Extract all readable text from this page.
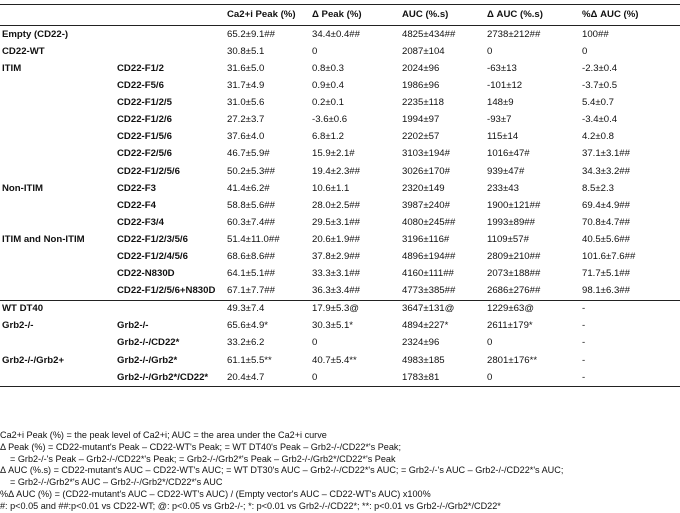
		Ca2+i Peak (%)	Δ Peak (%)	AUC (%.s)	Δ AUC (%.s)	%Δ AUC (%)
Empty (CD22-)		65.2±9.1##	34.4±0.4##	4825±434##	2738±212##	100##
CD22-WT		30.8±5.1	0	2087±104	0	0
ITIM	CD22-F1/2	31.6±5.0	0.8±0.3	2024±96	-63±13	-2.3±0.4
	CD22-F5/6	31.7±4.9	0.9±0.4	1986±96	-101±12	-3.7±0.5
	CD22-F1/2/5	31.0±5.6	0.2±0.1	2235±118	148±9	5.4±0.7
	CD22-F1/2/6	27.2±3.7	-3.6±0.6	1994±97	-93±7	-3.4±0.4
	CD22-F1/5/6	37.6±4.0	6.8±1.2	2202±57	115±14	4.2±0.8
	CD22-F2/5/6	46.7±5.9#	15.9±2.1#	3103±194#	1016±47#	37.1±3.1##
	CD22-F1/2/5/6	50.2±5.3##	19.4±2.3##	3026±170#	939±47#	34.3±3.2##
Non-ITIM	CD22-F3	41.4±6.2#	10.6±1.1	2320±149	233±43	8.5±2.3
	CD22-F4	58.8±5.6##	28.0±2.5##	3987±240#	1900±121##	69.4±4.9##
	CD22-F3/4	60.3±7.4##	29.5±3.1##	4080±245##	1993±89##	70.8±4.7##
ITIM and Non-ITIM	CD22-F1/2/3/5/6	51.4±11.0##	20.6±1.9##	3196±116#	1109±57#	40.5±5.6##
	CD22-F1/2/4/5/6	68.6±8.6##	37.8±2.9##	4896±194##	2809±210##	101.6±7.6##
	CD22-N830D	64.1±5.1##	33.3±3.1##	4160±111##	2073±188##	71.7±5.1##
	CD22-F1/2/5/6+N830D	67.1±7.7##	36.3±3.4##	4773±385##	2686±276##	98.1±6.3##
WT DT40		49.3±7.4	17.9±5.3@	3647±131@	1229±63@	-
Grb2-/-	Grb2-/-	65.6±4.9*	30.3±5.1*	4894±227*	2611±179*	-
	Grb2-/-/CD22*	33.2±6.2	0	2324±96	0	-
Grb2-/-/Grb2+	Grb2-/-/Grb2*	61.1±5.5**	40.7±5.4**	4983±185	2801±176**	-
	Grb2-/-/Grb2*/CD22*	20.4±4.7	0	1783±81	0	-
Ca2+i Peak (%) = the peak level of Ca2+i; AUC = the area under the Ca2+i curve
Δ Peak (%) = CD22-mutant's Peak – CD22-WT's Peak; = WT DT40's Peak – Grb2-/-/CD22*'s Peak;
= Grb2-/-'s Peak – Grb2-/-/CD22*'s Peak; = Grb2-/-/Grb2*'s Peak – Grb2-/-/Grb2*/CD22*'s Peak
Δ AUC (%.s) = CD22-mutant's AUC – CD22-WT's AUC; = WT DT30's AUC – Grb2-/-/CD22*'s AUC; = Grb2-/-'s AUC – Grb2-/-/CD22*'s AUC;
= Grb2-/-/Grb2*'s AUC – Grb2-/-/Grb2*/CD22*'s AUC
%Δ AUC (%) = (CD22-mutant's AUC – CD22-WT's AUC) / (Empty vector's AUC – CD22-WT's AUC) x100%
#: p<0.05 and ##:p<0.01 vs CD22-WT; @: p<0.05 vs Grb2-/-; *: p<0.01 vs Grb2-/-/CD22*; **: p<0.01 vs Grb2-/-/Grb2*/CD22*
